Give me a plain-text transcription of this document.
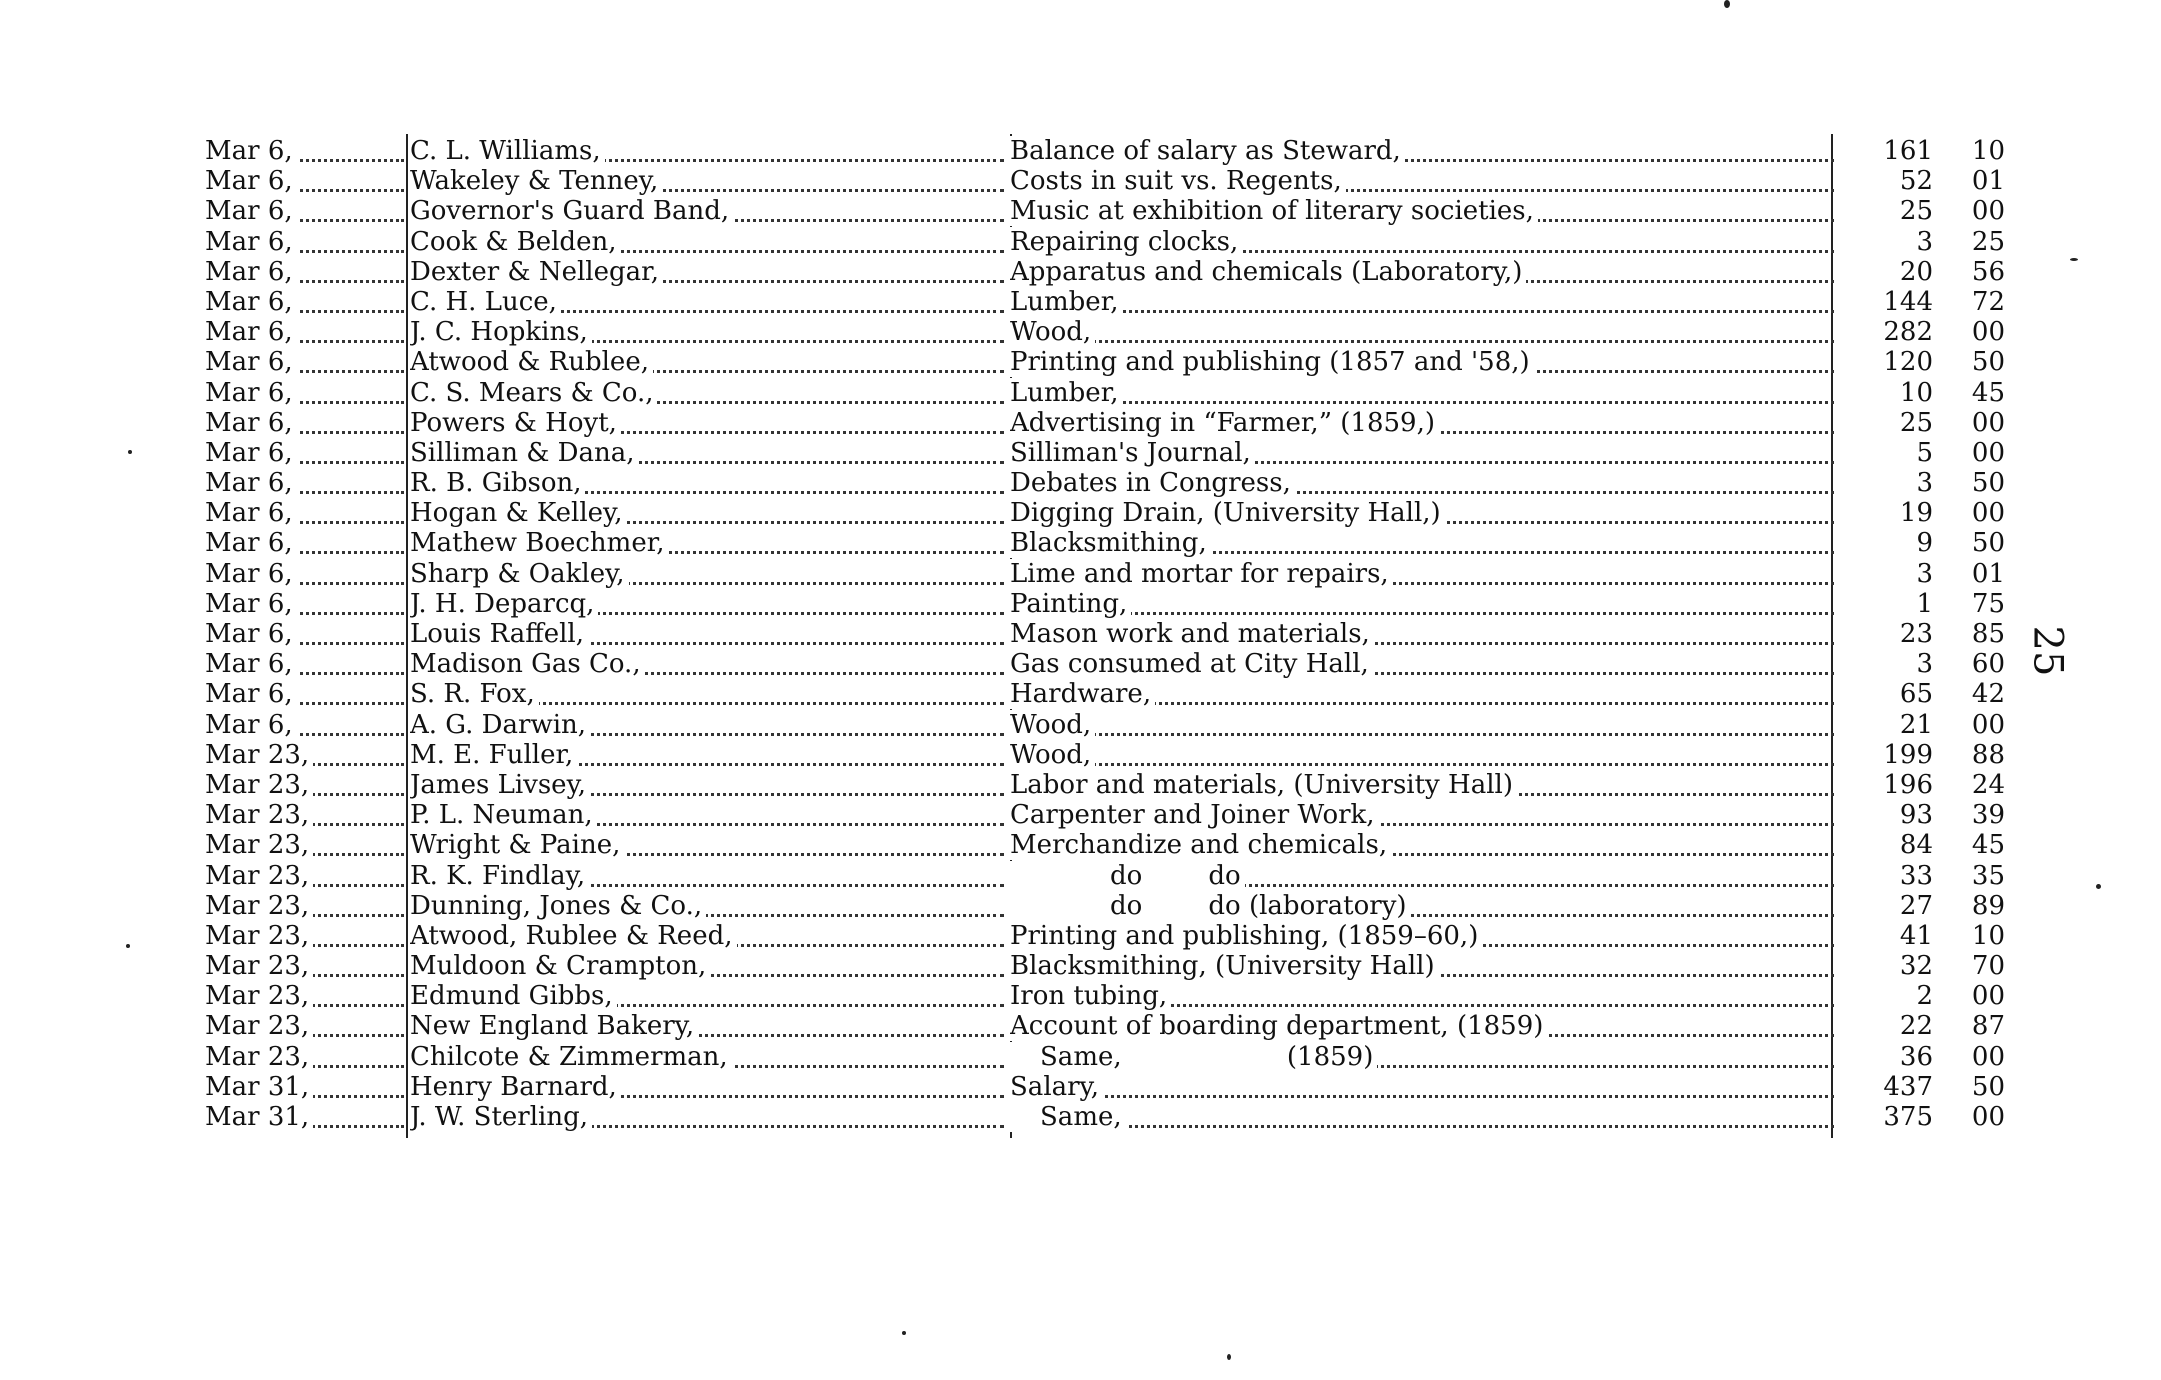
Mar 6,	C. L. Williams,	Balance of salary as Steward,	161	10
Mar 6,	Wakeley & Tenney,	Costs in suit vs. Regents,	52	01
Mar 6,	Governor's Guard Band,	Music at exhibition of literary societies,	25	00
Mar 6,	Cook & Belden,	Repairing clocks,	3	25
Mar 6,	Dexter & Nellegar,	Apparatus and chemicals (Laboratory,)	20	56
Mar 6,	C. H. Luce,	Lumber,	144	72
Mar 6,	J. C. Hopkins,	Wood,	282	00
Mar 6,	Atwood & Rublee,	Printing and publishing (1857 and '58,)	120	50
Mar 6,	C. S. Mears & Co.,	Lumber,	10	45
Mar 6,	Powers & Hoyt,	Advertising in “Farmer,” (1859,)	25	00
Mar 6,	Silliman & Dana,	Silliman's Journal,	5	00
Mar 6,	R. B. Gibson,	Debates in Congress,	3	50
Mar 6,	Hogan & Kelley,	Digging Drain, (University Hall,)	19	00
Mar 6,	Mathew Boechmer,	Blacksmithing,	9	50
Mar 6,	Sharp & Oakley,	Lime and mortar for repairs,	3	01
Mar 6,	J. H. Deparcq,	Painting,	1	75
Mar 6,	Louis Raffell,	Mason work and materials,	23	85
Mar 6,	Madison Gas Co.,	Gas consumed at City Hall,	3	60
Mar 6,	S. R. Fox,	Hardware,	65	42
Mar 6,	A. G. Darwin,	Wood,	21	00
Mar 23,	M. E. Fuller,	Wood,	199	88
Mar 23,	James Livsey,	Labor and materials, (University Hall)	196	24
Mar 23,	P. L. Neuman,	Carpenter and Joiner Work,	93	39
Mar 23,	Wright & Paine,	Merchandize and chemicals,	84	45
Mar 23,	R. K. Findlay,	do        do	33	35
Mar 23,	Dunning, Jones & Co.,	do        do (laboratory)	27	89
Mar 23,	Atwood, Rublee & Reed,	Printing and publishing, (1859–60,)	41	10
Mar 23,	Muldoon & Crampton,	Blacksmithing, (University Hall)	32	70
Mar 23,	Edmund Gibbs,	Iron tubing,	2	00
Mar 23,	New England Bakery,	Account of boarding department, (1859)	22	87
Mar 23,	Chilcote & Zimmerman,	Same,                    (1859)	36	00
Mar 31,	Henry Barnard,	Salary,	437	50
Mar 31,	J. W. Sterling,	Same,	375	00
25
